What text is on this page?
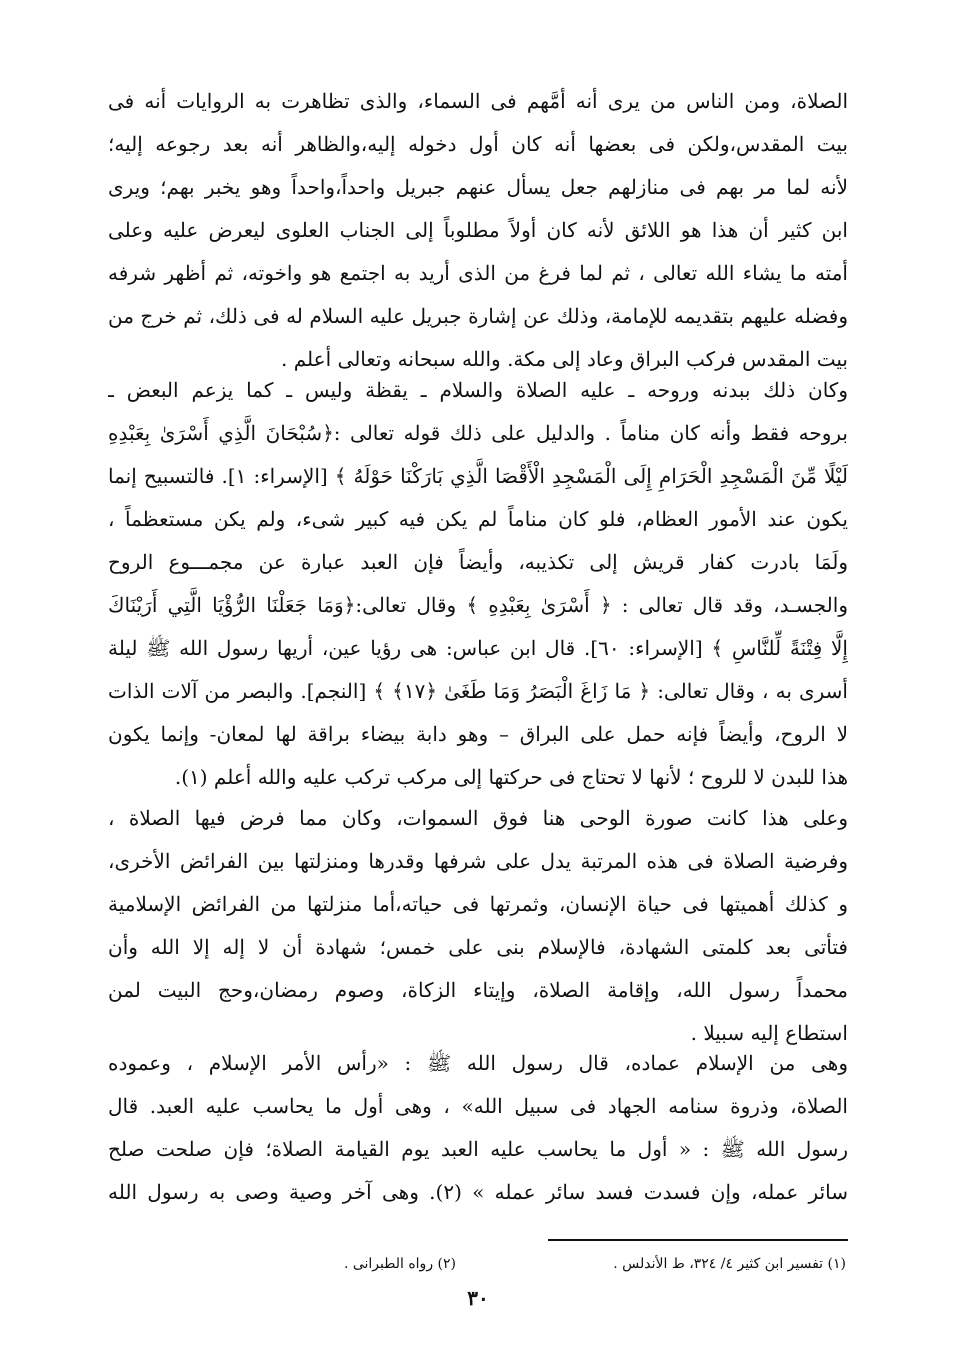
الصلاة، ومن الناس من يرى أنه أمَّهم فى السماء، والذى تظاهرت به الروايات أنه فى
بيت المقدس،ولكن فى بعضها أنه كان أول دخوله إليه،والظاهر أنه بعد رجوعه إليه؛
لأنه لما مر بهم فى منازلهم جعل يسأل عنهم جبريل واحداً،واحداً وهو يخبر بهم؛ ويرى
ابن كثير أن هذا هو اللائق لأنه كان أولاً مطلوباً إلى الجناب العلوى ليعرض عليه وعلى
أمته ما يشاء الله تعالى ، ثم لما فرغ من الذى أريد به اجتمع هو واخوته، ثم أظهر شرفه
وفضله عليهم بتقديمه للإمامة، وذلك عن إشارة جبريل عليه السلام له فى ذلك، ثم خرج من
بيت المقدس فركب البراق وعاد إلى مكة. والله سبحانه وتعالى أعلم .
وكان ذلك ببدنه وروحه ـ عليه الصلاة والسلام ـ يقظة وليس ـ كما يزعم البعض ـ
بروحه فقط وأنه كان مناماً . والدليل على ذلك قوله تعالى :﴿سُبْحَانَ الَّذِي أَسْرَىٰ بِعَبْدِهِ
لَيْلًا مِّنَ الْمَسْجِدِ الْحَرَامِ إِلَى الْمَسْجِدِ الْأَقْصَا الَّذِي بَارَكْنَا حَوْلَهُ ﴾ [الإسراء: ١]. فالتسبيح إنما
يكون عند الأمور العظام، فلو كان مناماً لم يكن فيه كبير شىء، ولم يكن مستعظماً ،
ولَمَا بادرت كفار قريش إلى تكذيبه، وأيضاً فإن العبد عبارة عن مجمـــوع الروح
والجسـد، وقد قال تعالى : ﴿ أَسْرَىٰ بِعَبْدِهِ ﴾ وقال تعالى:﴿وَمَا جَعَلْنَا الرُّؤْيَا الَّتِي أَرَيْنَاكَ
إِلَّا فِتْنَةً لِّلنَّاسِ ﴾ [الإسراء: ٦٠]. قال ابن عباس: هى رؤيا عين، أريها رسول الله ﷺ ليلة
أسرى به ، وقال تعالى: ﴿ مَا زَاغَ الْبَصَرُ وَمَا طَغَىٰ ﴿١٧﴾ ﴾ [النجم]. والبصر من آلات الذات
لا الروح، وأيضاً فإنه حمل على البراق – وهو دابة بيضاء براقة لها لمعان- وإنما يكون
هذا للبدن لا للروح ؛ لأنها لا تحتاج فى حركتها إلى مركب تركب عليه والله أعلم (١).
وعلى هذا كانت صورة الوحى هنا فوق السموات، وكان مما فرض فيها الصلاة ،
وفرضية الصلاة فى هذه المرتبة يدل على شرفها وقدرها ومنزلتها بين الفرائض الأخرى،
و كذلك أهميتها فى حياة الإنسان، وثمرتها فى حياته،أما منزلتها من الفرائض الإسلامية
فتأتى بعد كلمتى الشهادة، فالإسلام بنى على خمس؛ شهادة أن لا إله إلا الله وأن
محمداً رسول الله، وإقامة الصلاة، وإيتاء الزكاة، وصوم رمضان،وحج البيت لمن
استطاع إليه سبيلا .
وهى من الإسلام عماده، قال رسول الله ﷺ : «رأس الأمر الإسلام ، وعموده
الصلاة، وذروة سنامه الجهاد فى سبيل الله» ، وهى أول ما يحاسب عليه العبد. قال
رسول الله ﷺ : « أول ما يحاسب عليه العبد يوم القيامة الصلاة؛ فإن صلحت صلح
سائر عمله، وإن فسدت فسد سائر عمله » (٢). وهى آخر وصية وصى به رسول الله
(١) تفسير ابن كثير ٤/ ٣٢٤، ط الأندلس .
(٢) رواه الطبرانى .
٣٠
